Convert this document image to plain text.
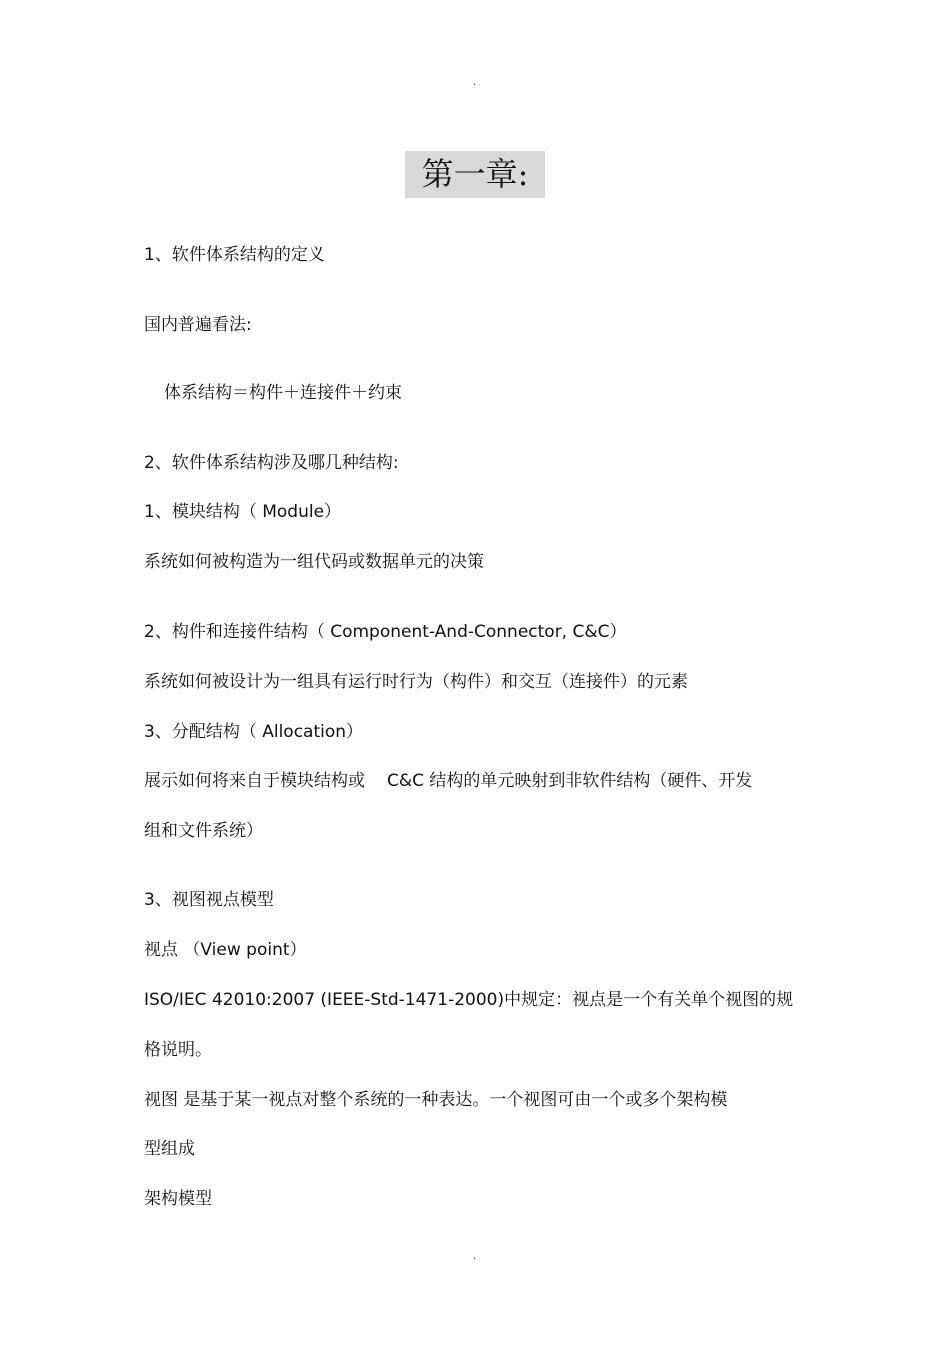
.
第一章:
1、软件体系结构的定义
国内普遍看法:
体系结构＝构件＋连接件＋约束
2、软件体系结构涉及哪几种结构:
1、模块结构（ Module）
系统如何被构造为一组代码或数据单元的决策
2、构件和连接件结构（ Component-And-Connector, C&C）
系统如何被设计为一组具有运行时行为（构件）和交互（连接件）的元素
3、分配结构（ Allocation）
展示如何将来自于模块结构或 C&C 结构的单元映射到非软件结构（硬件、开发
组和文件系统）
3、视图视点模型
视点 （View point）
ISO/IEC 42010:2007 (IEEE-Std-1471-2000)中规定：视点是一个有关单个视图的规
格说明。
视图 是基于某一视点对整个系统的一种表达。一个视图可由一个或多个架构模
型组成
架构模型
.
